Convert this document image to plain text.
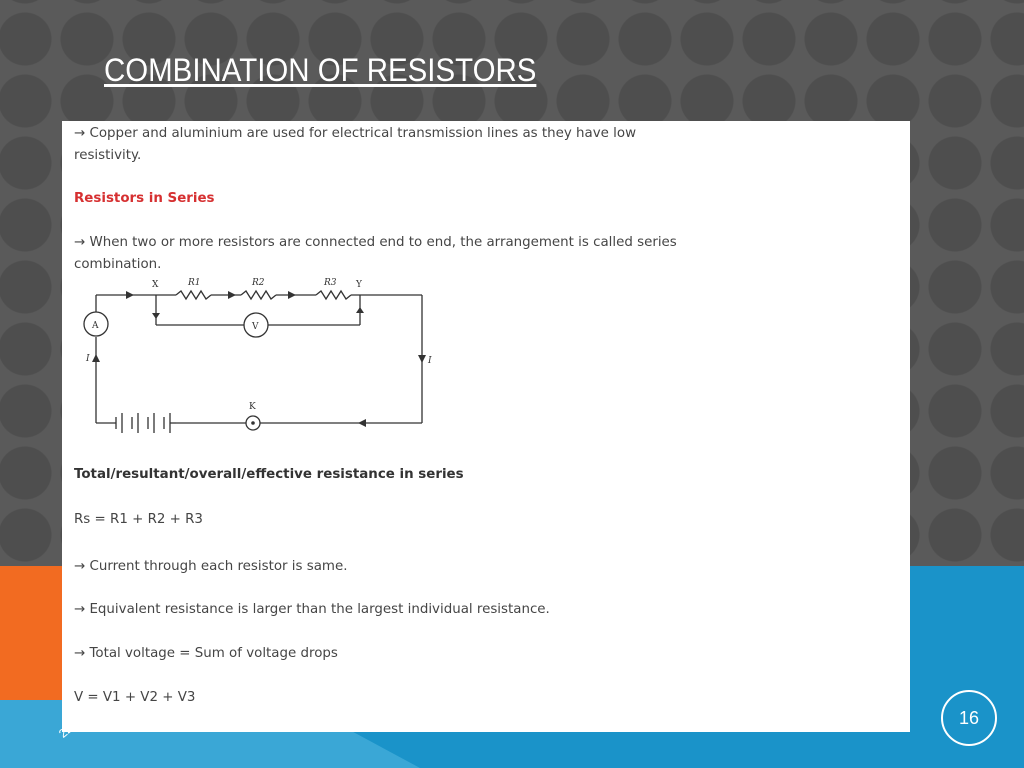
COMBINATION OF RESISTORS
→ Copper and aluminium are used for electrical transmission lines as they have low
resistivity.
Resistors in Series
→ When two or more resistors are connected end to end, the arrangement is called series
combination.
X	Y
R1	R2	R3
A	V
I	I
K
Total/resultant/overall/effective resistance in series
Rs = R1 + R2 + R3
→ Current through each resistor is same.
→ Equivalent resistance is larger than the largest individual resistance.
→ Total voltage = Sum of voltage drops
V = V1 + V2 + V3
22
16
